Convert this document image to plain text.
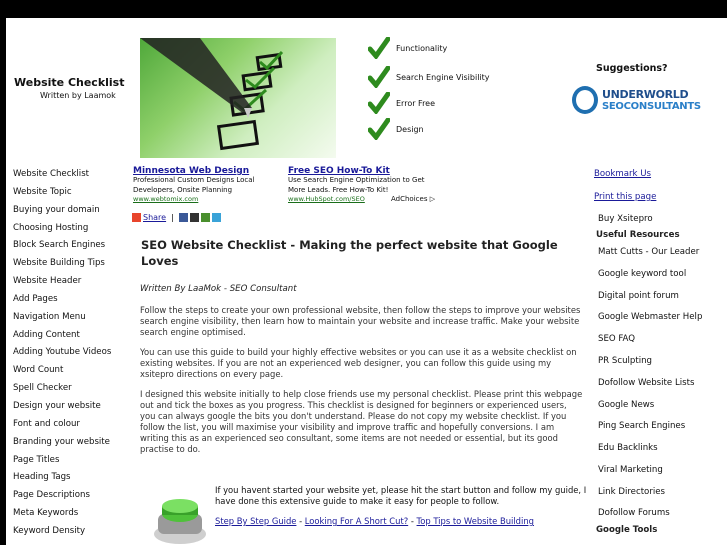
Website Checklist
Written by Laamok
Functionality
Search Engine Visibility
Error Free
Design
Suggestions?
UNDERWORLD
SEOCONSULTANTS
Website Checklist
Website Topic
Buying your domain
Choosing Hosting
Block Search Engines
Website Building Tips
Website Header
Add Pages
Navigation Menu
Adding Content
Adding Youtube Videos
Word Count
Spell Checker
Design your website
Font and colour
Branding your website
Page Titles
Heading Tags
Page Descriptions
Meta Keywords
Keyword Density
Minnesota Web Design
Professional Custom Designs Local Developers, Onsite Planning
www.webtomix.com
Free SEO How-To Kit
Use Search Engine Optimization to Get More Leads. Free How-To Kit!
www.HubSpot.com/SEO	AdChoices ▷
Share |
SEO Website Checklist - Making the perfect website that Google Loves
Written By LaaMok - SEO Consultant
Follow the steps to create your own professional website, then follow the steps to improve your websites search engine visibility, then learn how to maintain your website and increase traffic. Make your website search engine optimised.
You can use this guide to build your highly effective websites or you can use it as a website checklist on existing websites. If you are not an experienced web designer, you can follow this guide using my xsitepro directions on every page.
I designed this website initially to help close friends use my personal checklist. Please print this webpage out and tick the boxes as you progress. This checklist is designed for beginners or experienced users, you can always google the bits you don't understand. Please do not copy my website checklist. If you follow the list, you will maximise your visibility and improve traffic and hopefully conversions. I am writing this as an experienced seo consultant, some items are not needed or essential, but its good practise to do.
If you havent started your website yet, please hit the start button and follow my guide, I have done this extensive guide to make it easy for people to follow.
Step By Step Guide - Looking For A Short Cut? - Top Tips to Website Building
Bookmark Us
Print this page
Buy Xsitepro
Useful Resources
Matt Cutts - Our Leader
Google keyword tool
Digital point forum
Google Webmaster Help
SEO FAQ
PR Sculpting
Dofollow Website Lists
Google News
Ping Search Engines
Edu Backlinks
Viral Marketing
Link Directories
Dofollow Forums
Google Tools
